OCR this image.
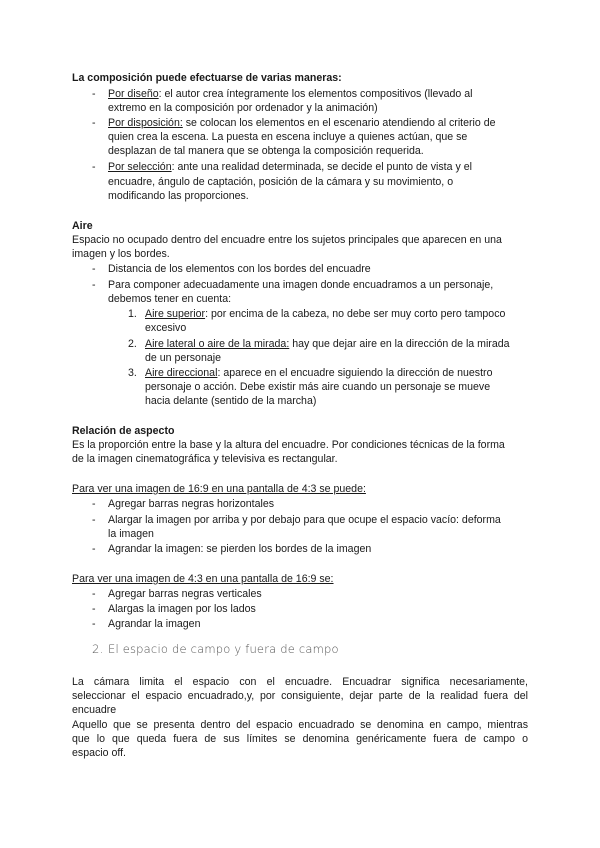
La composición puede efectuarse de varias maneras:
- Por diseño: el autor crea íntegramente los elementos compositivos (llevado al
extremo en la composición por ordenador y la animación)
- Por disposición: se colocan los elementos en el escenario atendiendo al criterio de
quien crea la escena. La puesta en escena incluye a quienes actúan, que se
desplazan de tal manera que se obtenga la composición requerida.
- Por selección: ante una realidad determinada, se decide el punto de vista y el
encuadre, ángulo de captación, posición de la cámara y su movimiento, o
modificando las proporciones.
Aire
Espacio no ocupado dentro del encuadre entre los sujetos principales que aparecen en una
imagen y los bordes.
- Distancia de los elementos con los bordes del encuadre
- Para componer adecuadamente una imagen donde encuadramos a un personaje,
debemos tener en cuenta:
1. Aire superior: por encima de la cabeza, no debe ser muy corto pero tampoco
excesivo
2. Aire lateral o aire de la mirada: hay que dejar aire en la dirección de la mirada
de un personaje
3. Aire direccional: aparece en el encuadre siguiendo la dirección de nuestro
personaje o acción. Debe existir más aire cuando un personaje se mueve
hacia delante (sentido de la marcha)
Relación de aspecto
Es la proporción entre la base y la altura del encuadre. Por condiciones técnicas de la forma
de la imagen cinematográfica y televisiva es rectangular.
Para ver una imagen de 16:9 en una pantalla de 4:3 se puede:
- Agregar barras negras horizontales
- Alargar la imagen por arriba y por debajo para que ocupe el espacio vacío: deforma
la imagen
- Agrandar la imagen: se pierden los bordes de la imagen
Para ver una imagen de 4:3 en una pantalla de 16:9 se:
- Agregar barras negras verticales
- Alargas la imagen por los lados
- Agrandar la imagen
2. El espacio de campo y fuera de campo
La cámara limita el espacio con el encuadre. Encuadrar significa necesariamente,
seleccionar el espacio encuadrado,y, por consiguiente, dejar parte de la realidad fuera del
encuadre
Aquello que se presenta dentro del espacio encuadrado se denomina en campo, mientras
que lo que queda fuera de sus límites se denomina genéricamente fuera de campo o
espacio off.
